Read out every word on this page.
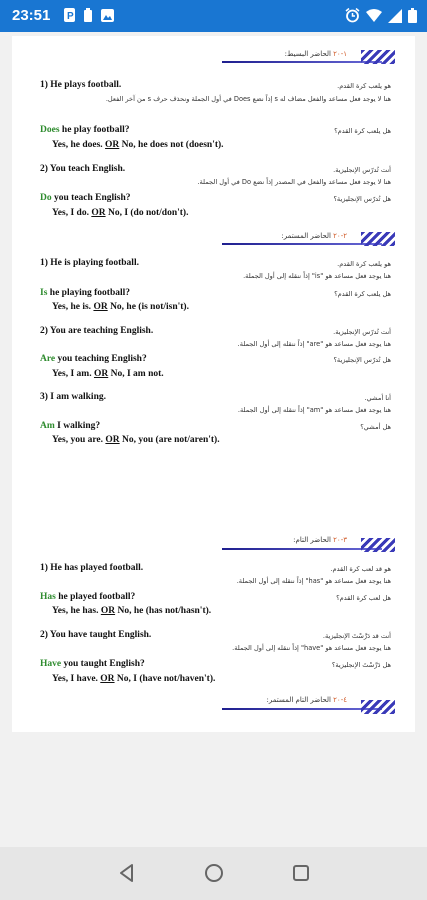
23:51 P
١-٢٠ الحاضر البسيط:
1) He plays football.	هو يلعب كرة القدم.
هنا لا يوجد فعل مساعد والفعل مضاف له s إذاً نضع Does في أول الجملة ونحذف حرف s من آخر الفعل.
Does he play football?	هل يلعب كرة القدم؟
Yes, he does. OR No, he does not (doesn't).
2) You teach English.	أنت تُدرّس الإنجليزية.
هنا لا يوجد فعل مساعد والفعل في المصدر إذاً نضع Do في أول الجملة.
Do you teach English?	هل تُدرّس الإنجليزية؟
Yes, I do. OR No, I (do not/don't).
٢-٢٠ الحاضر المستمر:
1) He is playing football.	هو يلعب كرة القدم.
هنا يوجد فعل مساعد هو "is" إذاً ننقله إلى أول الجملة.
Is he playing football?	هل يلعب كرة القدم؟
Yes, he is. OR No, he (is not/isn't).
2) You are teaching English.	أنت تُدرّس الإنجليزية.
هنا يوجد فعل مساعد هو "are" إذاً ننقله إلى أول الجملة.
Are you teaching English?	هل تُدرّس الإنجليزية؟
Yes, I am. OR No, I am not.
3) I am walking.	أنا أمشي.
هنا يوجد فعل مساعد هو "am" إذاً ننقله إلى أول الجملة.
Am I walking?	هل أمشي؟
Yes, you are. OR No, you (are not/aren't).
٣-٢٠ الحاضر التام:
1) He has played football.	هو قد لعب كرة القدم.
هنا يوجد فعل مساعد هو "has" إذاً ننقله إلى أول الجملة.
Has he played football?	هل لعب كرة القدم؟
Yes, he has. OR No, he (has not/hasn't).
2) You have taught English.	أنت قد دَرَّسْتَ الإنجليزية.
هنا يوجد فعل مساعد هو "have" إذاً ننقله إلى أول الجملة.
Have you taught English?	هل دَرَّسْتَ الإنجليزية؟
Yes, I have. OR No, I (have not/haven't).
٤-٢٠ الحاضر التام المستمر:
